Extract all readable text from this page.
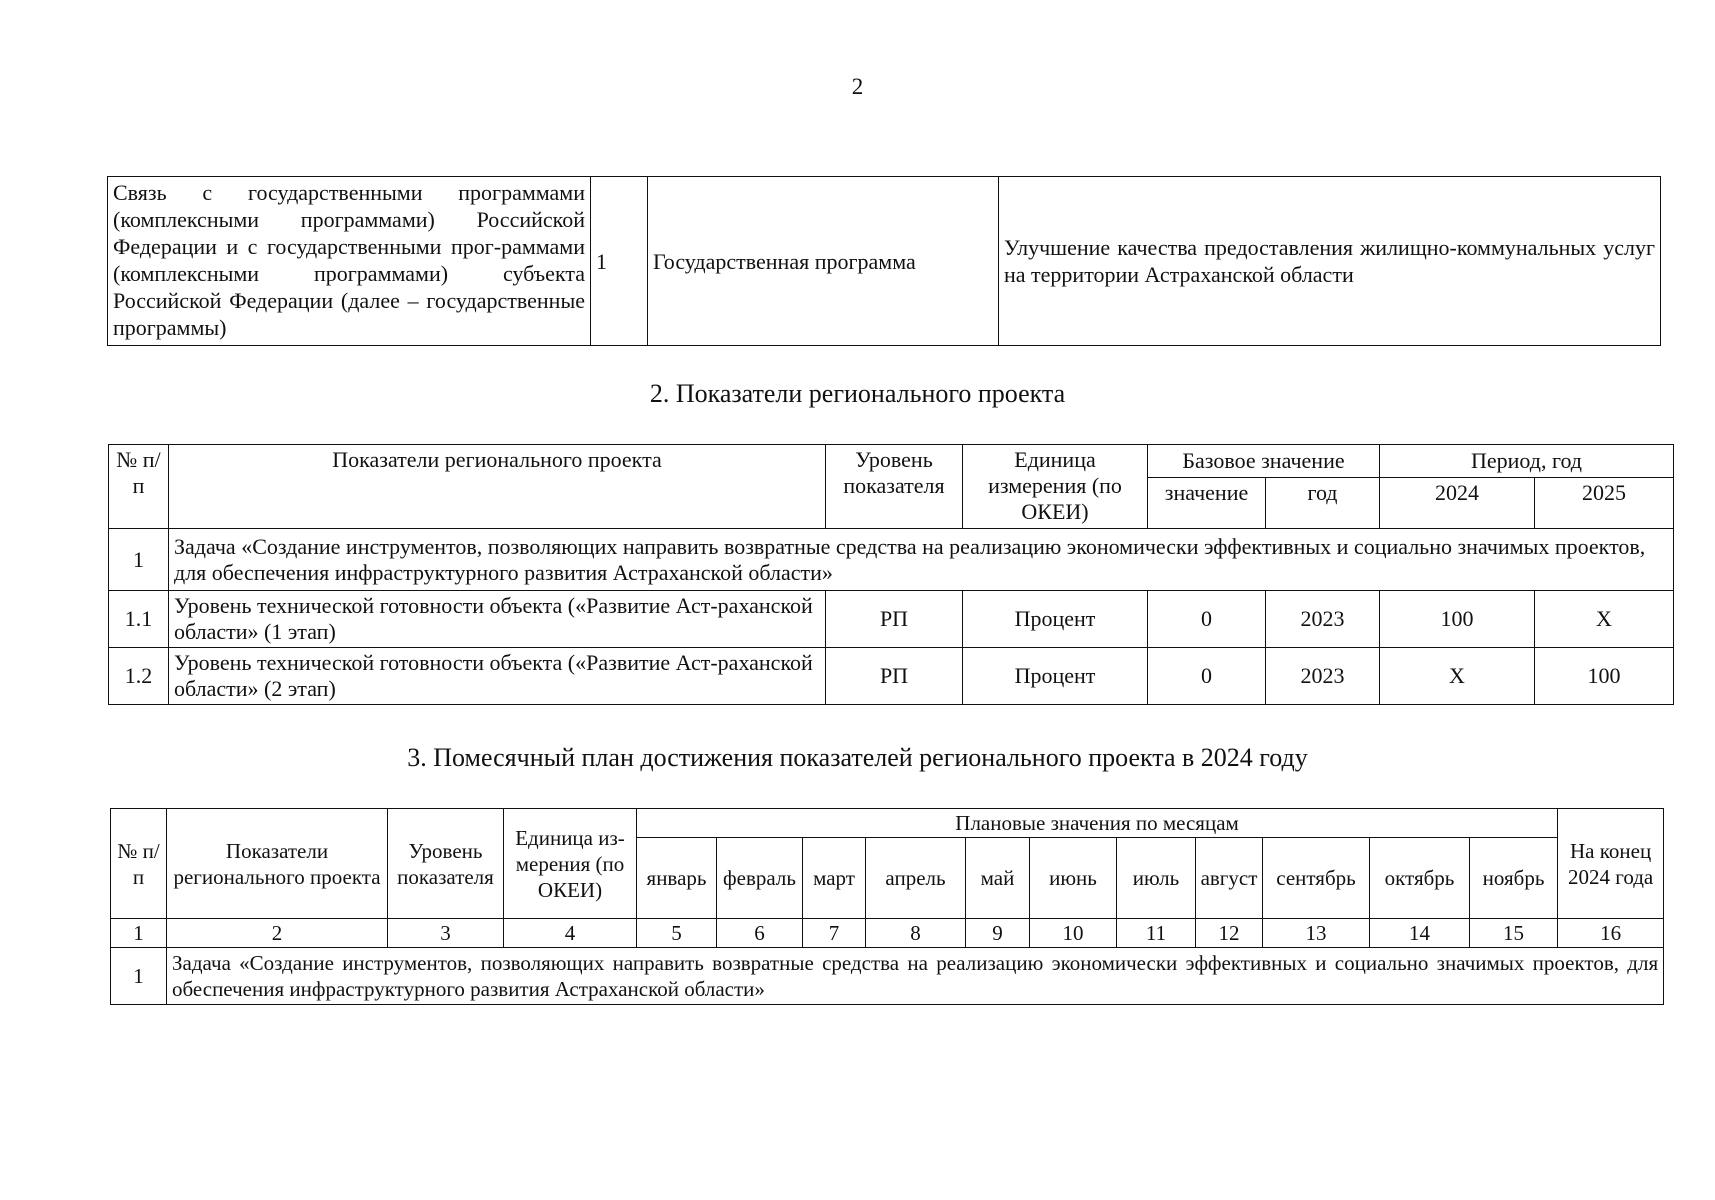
2
Связь с государственными программами (комплексными программами) Российской Федерации и с государственными прог-раммами (комплексными программами) субъекта Российской Федерации (далее – государственные программы)	1	Государственная программа	Улучшение качества предоставления жилищно-коммунальных услуг на территории Астраханской области
2. Показатели регионального проекта
№ п/п	Показатели регионального проекта	Уровень показателя	Единица измерения (по ОКЕИ)	Базовое значение		Период, год	
				значение	год	2024	2025
1	Задача «Создание инструментов, позволяющих направить возвратные средства на реализацию экономически эффективных и социально значимых проектов, для обеспечения инфраструктурного развития Астраханской области»						
1.1	Уровень технической готовности объекта («Развитие Аст-раханской области» (1 этап)	РП	Процент	0	2023	100	X
1.2	Уровень технической готовности объекта («Развитие Аст-раханской области» (2 этап)	РП	Процент	0	2023	X	100
3. Помесячный план достижения показателей регионального проекта в 2024 году
№ п/п	Показатели регионального проекта	Уровень показателя	Единица из-мерения (по ОКЕИ)	Плановые значения по месяцам											На конец 2024 года
				январь	февраль	март	апрель	май	июнь	июль	август	сентябрь	октябрь	ноябрь	
1	2	3	4	5	6	7	8	9	10	11	12	13	14	15	16
1	Задача «Создание инструментов, позволяющих направить возвратные средства на реализацию экономически эффективных и социально значимых проектов, для обеспечения инфраструктурного развития Астраханской области»														
